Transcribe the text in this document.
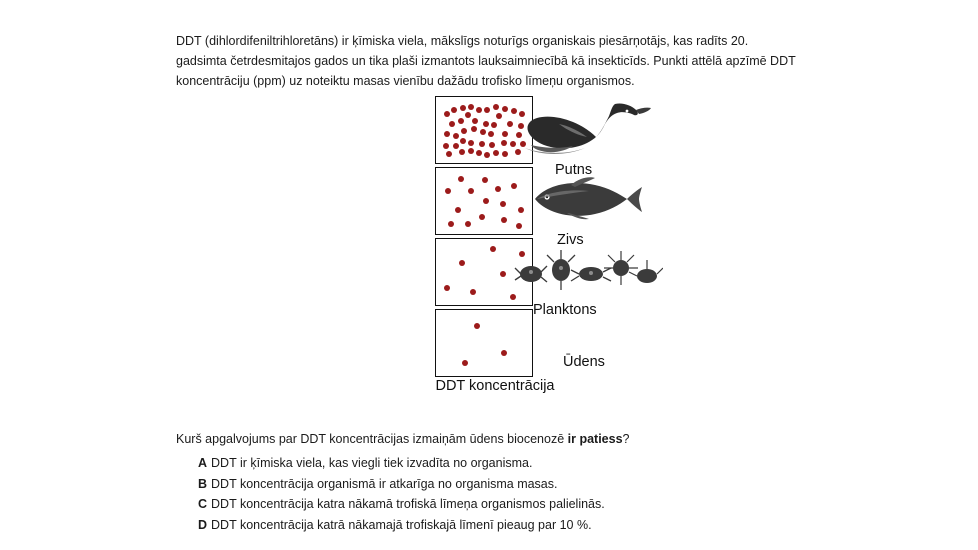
DDT (dihlordifeniltrihloretāns) ir ķīmiska viela, mākslīgs noturīgs organiskais piesārņotājs, kas radīts 20. gadsimta četrdesmitajos gados un tika plaši izmantots lauksaimniecībā kā insekticīds. Punkti attēlā apzīmē DDT koncentrāciju (ppm) uz noteiktu masas vienību dažādu trofisko līmeņu organismos.

DDT koncentrācija
Putns
Zivs
Planktons
Ūdens
Kurš apgalvojums par DDT koncentrācijas izmaiņām ūdens biocenozē ir patiess?
A DDT ir ķīmiska viela, kas viegli tiek izvadīta no organisma.
B DDT koncentrācija organismā ir atkarīga no organisma masas.
C DDT koncentrācija katra nākamā trofiskā līmeņa organismos palielinās.
D DDT koncentrācija katrā nākamajā trofiskajā līmenī pieaug par 10 %.
